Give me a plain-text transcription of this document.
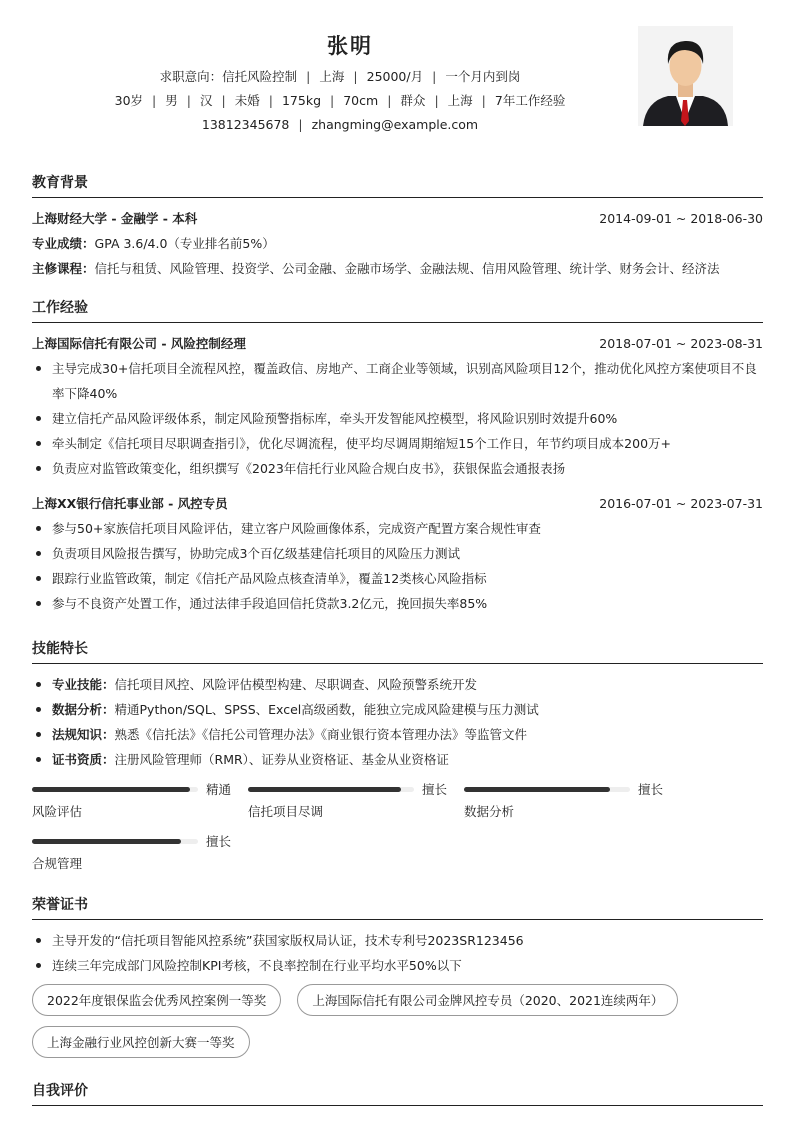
张明
求职意向：信托风险控制 | 上海 | 25000/月 | 一个月内到岗
30岁 | 男 | 汉 | 未婚 | 175kg | 70cm | 群众 | 上海 | 7年工作经验
13812345678 | zhangming@example.com
教育背景
上海财经大学 - 金融学 - 本科	2014-09-01 ~ 2018-06-30
专业成绩：GPA 3.6/4.0（专业排名前5%）
主修课程：信托与租赁、风险管理、投资学、公司金融、金融市场学、金融法规、信用风险管理、统计学、财务会计、经济法
工作经验
上海国际信托有限公司 - 风险控制经理	2018-07-01 ~ 2023-08-31
主导完成30+信托项目全流程风控，覆盖政信、房地产、工商企业等领域，识别高风险项目12个，推动优化风控方案使项目不良率下降40%
建立信托产品风险评级体系，制定风险预警指标库，牵头开发智能风控模型，将风险识别时效提升60%
牵头制定《信托项目尽职调查指引》，优化尽调流程，使平均尽调周期缩短15个工作日，年节约项目成本200万+
负责应对监管政策变化，组织撰写《2023年信托行业风险合规白皮书》，获银保监会通报表扬
上海XX银行信托事业部 - 风控专员	2016-07-01 ~ 2023-07-31
参与50+家族信托项目风险评估，建立客户风险画像体系，完成资产配置方案合规性审查
负责项目风险报告撰写，协助完成3个百亿级基建信托项目的风险压力测试
跟踪行业监管政策，制定《信托产品风险点核查清单》，覆盖12类核心风险指标
参与不良资产处置工作，通过法律手段追回信托贷款3.2亿元，挽回损失率85%
技能特长
专业技能：信托项目风控、风险评估模型构建、尽职调查、风险预警系统开发
数据分析：精通Python/SQL、SPSS、Excel高级函数，能独立完成风险建模与压力测试
法规知识：熟悉《信托法》《信托公司管理办法》《商业银行资本管理办法》等监管文件
证书资质：注册风险管理师（RMR）、证券从业资格证、基金从业资格证
精通
风险评估
擅长
信托项目尽调
擅长
数据分析
擅长
合规管理
荣誉证书
主导开发的“信托项目智能风控系统”获国家版权局认证，技术专利号2023SR123456
连续三年完成部门风险控制KPI考核，不良率控制在行业平均水平50%以下
2022年度银保监会优秀风控案例一等奖	上海国际信托有限公司金牌风控专员（2020、2021连续两年）
上海金融行业风控创新大赛一等奖
自我评价
